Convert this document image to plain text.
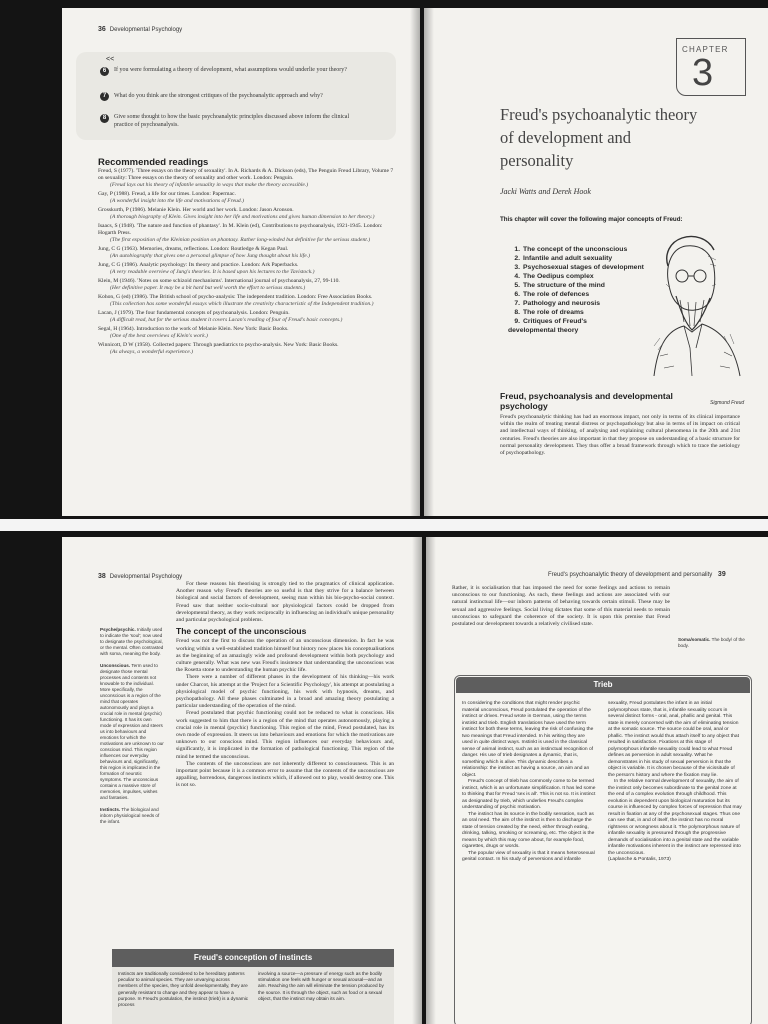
36 Developmental Psychology
<<
6	If you were formulating a theory of development, what assumptions would underlie your theory?
7	What do you think are the strongest critiques of the psychoanalytic approach and why?
8	Give some thought to how the basic psychoanalytic principles discussed above inform the clinical practice of psychoanalysis.
Recommended readings
Freud, S (1977). 'Three essays on the theory of sexuality'. In A. Richards & A. Dickson (eds), The Penguin Freud Library, Volume 7 on sexuality: Three essays on the theory of sexuality and other work. London: Penguin.
(Freud lays out his theory of infantile sexuality in ways that make the theory accessible.)
Gay, P (1988). Freud, a life for our times. London: Papermac.
(A wonderful insight into the life and motivations of Freud.)
Grosskurth, P (1986). Melanie Klein. Her world and her work. London: Jason Aronson.
(A thorough biography of Klein. Gives insight into her life and motivations and gives human dimension to her theory.)
Isaacs, S (1948). 'The nature and function of phantasy'. In M. Klein (ed), Contributions to psychoanalysis, 1921-1945. London: Hogarth Press.
(The first exposition of the Kleinian position on phantasy. Rather long-winded but definitive for the serious student.)
Jung, C G (1963). Memories, dreams, reflections. London: Routledge & Kegan Paul.
(An autobiography that gives one a personal glimpse of how Jung thought about his life.)
Jung, C G (1986). Analytic psychology: Its theory and practice. London: Ark Paperbacks.
(A very readable overview of Jung's theories. It is based upon his lectures to the Tavistock.)
Klein, M (1946). 'Notes on some schizoid mechanisms'. International journal of psychoanalysis, 27, 99-110.
(Her definitive paper. It may be a bit hard but well worth the effort to serious students.)
Kohon, G (ed) (1986). The British school of psycho-analysis: The independent tradition. London: Free Association Books.
(This collection has some wonderful essays which illustrate the creativity characteristic of the Independent tradition.)
Lacan, J (1979). The four fundamental concepts of psychoanalysis. London: Penguin.
(A difficult read, but for the serious student it covers Lacan's reading of four of Freud's basic concepts.)
Segal, H (1964). Introduction to the work of Melanie Klein. New York: Basic Books.
(One of the best overviews of Klein's work.)
Winnicott, D W (1958). Collected papers: Through paediatrics to psycho-analysis. New York: Basic Books.
(As always, a wonderful experience.)
CHAPTER
3
Freud's psychoanalytic theory of development and personality
Jacki Watts and Derek Hook
This chapter will cover the following major concepts of Freud:
1. The concept of the unconscious
2. Infantile and adult sexuality
3. Psychosexual stages of development
4. The Oedipus complex
5. The structure of the mind
6. The role of defences
7. Pathology and neurosis
8. The role of dreams
9. Critiques of Freud's developmental theory
Sigmund Freud
Freud, psychoanalysis and developmental psychology
Freud's psychoanalytic thinking has had an enormous impact, not only in terms of its clinical importance within the realm of treating mental distress or psychopathology but also in terms of its impact on critical and intellectual ways of thinking, of analysing and explaining cultural phenomena in the 20th and 21st centuries. Freud's theories are also important in that they propose on understanding of a basic structure for normal personality development. They thus offer a broad framework through which to trace the aetiology of psychopathology.
38 Developmental Psychology
Psyche/psychic. Initially used to indicate the 'soul'; now used to designate the psychological, or the mental. Often contrasted with soma, meaning the body.
Unconscious. Term used to designate those mental processes and contents not knowable to the individual. More specifically, the unconscious is a region of the mind that operates autonomously and plays a crucial role in mental (psychic) functioning. It has its own mode of expression and steers us into behaviours and emotions for which the motivations are unknown to our conscious mind. This region influences our everyday behaviours and, significantly, this region is implicated in the formation of neurotic symptoms. The unconscious contains a massive store of memories, impulses, wishes and fantasies.
Instincts. The biological and inborn physiological needs of the infant.

For these reasons his theorising is strongly tied to the pragmatics of clinical application. Another reason why Freud's theories are so useful is that they strive for a balance between biological and social factors of development, seeing man within his bio-psycho-social context. Freud saw that neither socio-cultural nor physiological factors could be dropped from developmental theory, as they work reciprocally in influencing an individual's unique personality and particular psychological problems.

The concept of the unconscious

Freud was not the first to discuss the operation of an unconscious dimension. In fact he was working within a well-established tradition himself but history now places his conceptualisations as the beginning of an amazingly wide and profound development within both psychology and culture generally. What was new was Freud's insistence that understanding the unconscious was the Rosetta stone to understanding the human psychic life.

There were a number of different phases in the development of his thinking—his work under Charcot, his attempt at the 'Project for a Scientific Psychology', his attempt at postulating a physiological model of psychic functioning, his work with hypnosis, dreams, and psychopathology. All these phases culminated in a broad and amazing theory postulating a particular understanding of the operation of the mind.

Freud postulated that psychic functioning could not be reduced to what is conscious. His work suggested to him that there is a region of the mind that operates autonomously, playing a crucial role in mental (psychic) functioning. This region of the mind, Freud postulated, has its own mode of expression. It steers us into behaviours and emotions for which the motivations are unknown to our conscious mind. This region influences our everyday behaviours and, significantly, it is implicated in the formation of pathological functioning. This region of the mind he termed the unconscious.

The contents of the unconscious are not inherently different to consciousness. This is an important point because it is a common error to assume that the contents of the unconscious are appalling, horrendous, dangerous instincts which, if allowed out to play, would destroy one. This is not so.

Freud's conception of instincts
Instincts are traditionally considered to be hereditary patterns peculiar to animal species. They are unvarying across members of the species, they unfold developmentally, they are generally resistant to change and they appear to have a purpose. In Freud's postulation, the instinct (trieb) is a dynamic process
involving a source—a pressure of energy such as the bodily stimulation one feels with hunger or sexual arousal—and an aim. Reaching the aim will eliminate the tension produced by the source. It is through the object, such as food or a sexual object, that the instinct may obtain its aim.
Freud's psychoanalytic theory of development and personality 39
Rather, it is socialisation that has imposed the need for some feelings and actions to remain unconscious to our functioning. As such, these feelings and actions are associated with our natural instinctual life—our inborn patterns of behaving towards certain stimuli. These may be sexual and aggressive feelings. Social living dictates that some of this material needs to remain unconscious to safeguard the coherence of the society. It is upon this premise that Freud postulated our development towards a relatively civilised state.
Soma/somatic. The body/ of the body.
Trieb

In considering the conditions that might render psychic material unconscious, Freud postulated the operation of the instinct or drives. Freud wrote in German, using the terms instinkt and trieb. English translations have used the term instinct for both these terms, leaving the risk of confusing the two meanings that Freud intended. In his writing they are used in quite distinct ways. Instinkt is used in the classical sense of animal instinct, such as an instinctual recognition of danger. His use of trieb designates a dynamic, that is, something which is alive. This dynamic describes a relationship: the instinct as having a source, an aim and an object.

Freud's concept of trieb has commonly come to be termed instinct, which is an unfortunate simplification. It has led some to thinking that for Freud 'sex is all'. This is not so. It is instinct as designated by trieb, which underlies Freud's complex understanding of psychic motivation.

The instinct has its source in the bodily sensation, such as an oral need. The aim of the instinct is then to discharge the state of tension created by the need, either through eating, drinking, talking, smoking or screaming, etc. The object is the means by which this may come about, for example food, cigarettes, drugs or words.

The popular view of sexuality is that it means heterosexual genital contact. In his study of perversions and infantile

sexuality, Freud postulates the infant in an initial polymorphous state, that is, infantile sexuality occurs in several distinct forms - oral, anal, phallic and genital. This state is merely concerned with the aim of eliminating tension at the somatic source. The source could be oral, anal or phallic. The instinct would thus attach itself to any object that resulted in satisfaction. Fixations at this stage of polymorphous infantile sexuality could lead to what Freud defines as perversion in adult sexuality. What he demonstrates in his study of sexual perversion is that the object is variable. It is chosen because of the vicissitude of the person's history and where the fixation may lie.

In the relative normal development of sexuality, the aim of the instinct only becomes subordinate to the genital zone at the end of a complex evolution through childhood. This evolution is dependent upon biological maturation but its course is influenced by complex forces of repression that may result in fixation at any of the psychosexual stages. Thus one can see that, in and of itself, the instinct has no moral rightness or wrongness about it. The polymorphous nature of infantile sexuality is pressured through the progressive demands of socialisation into a genital state and the variable infantile motivations inherent in the instinct are repressed into the unconscious.

(Laplanche & Pontalis, 1973)
